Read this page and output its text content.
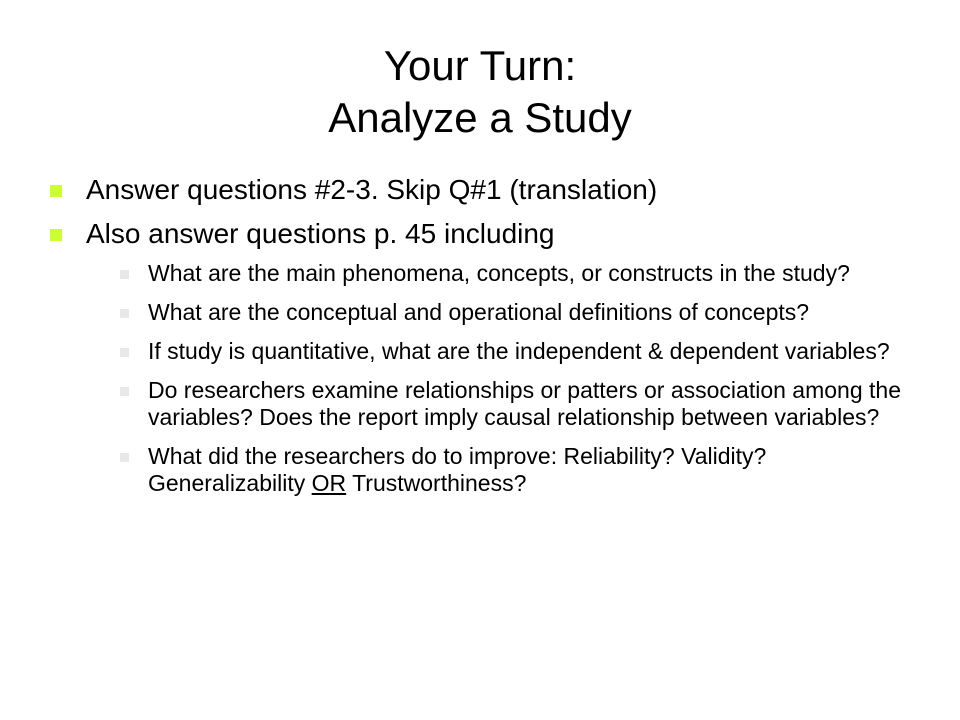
Your Turn:
Analyze a Study
Answer questions #2-3. Skip Q#1 (translation)
Also answer questions p. 45 including
What are the main phenomena, concepts, or constructs in the study?
What are the conceptual and operational definitions of concepts?
If study is quantitative, what are the independent & dependent variables?
Do researchers examine relationships or patters or association among the variables? Does the report imply causal relationship between variables?
What did the researchers do to improve: Reliability? Validity? Generalizability OR Trustworthiness?
